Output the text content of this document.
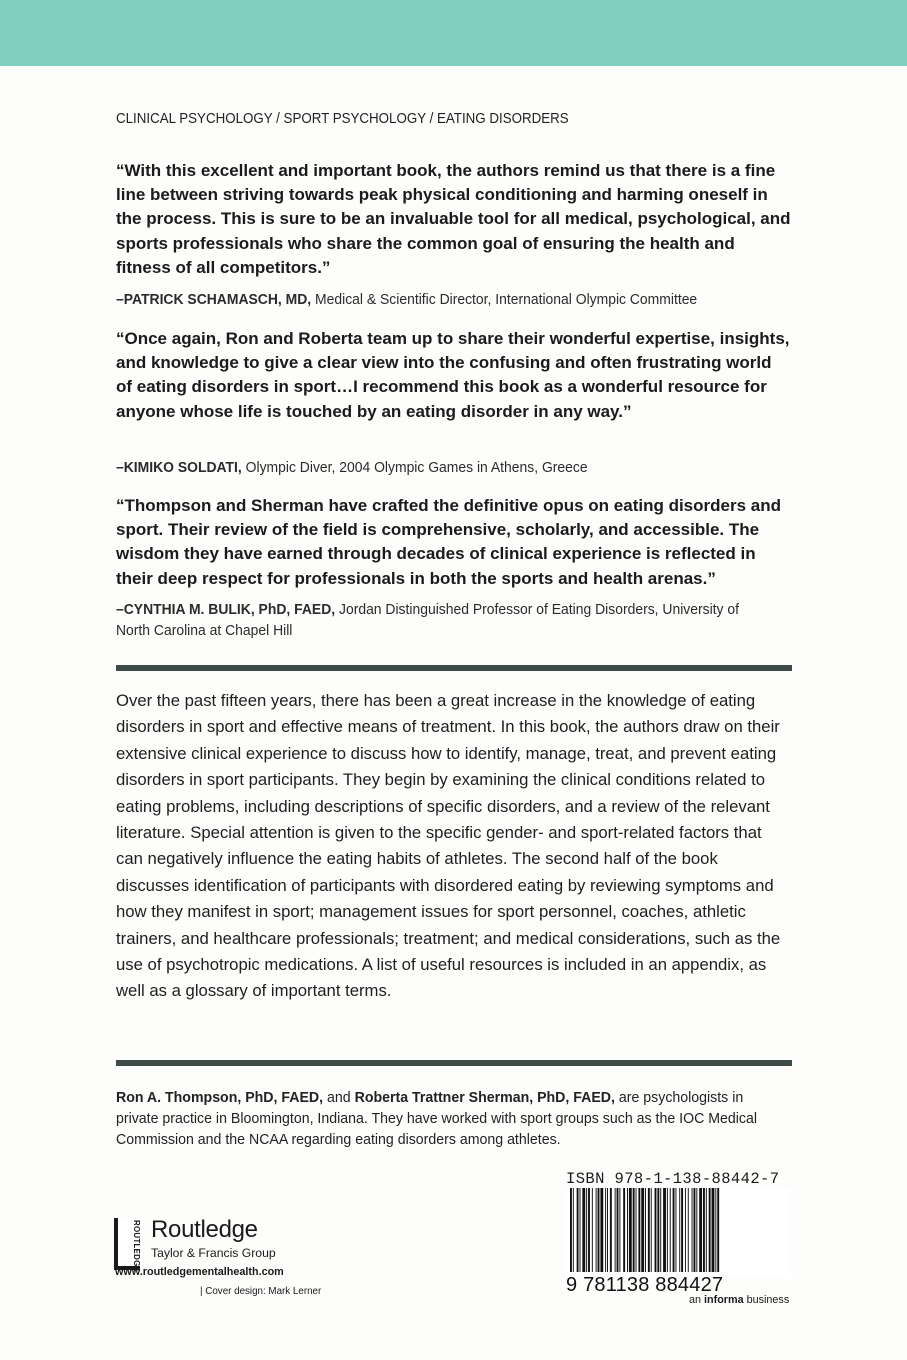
CLINICAL PSYCHOLOGY / SPORT PSYCHOLOGY / EATING DISORDERS

“With this excellent and important book, the authors remind us that there is a fine line between striving towards peak physical conditioning and harming oneself in the process. This is sure to be an invaluable tool for all medical, psychological, and sports professionals who share the common goal of ensuring the health and fitness of all competitors.”

–PATRICK SCHAMASCH, MD, Medical & Scientific Director, International Olympic Committee

“Once again, Ron and Roberta team up to share their wonderful expertise, insights, and knowledge to give a clear view into the confusing and often frustrating world of eating disorders in sport…I recommend this book as a wonderful resource for anyone whose life is touched by an eating disorder in any way.”

–KIMIKO SOLDATI, Olympic Diver, 2004 Olympic Games in Athens, Greece

“Thompson and Sherman have crafted the definitive opus on eating disorders and sport. Their review of the field is comprehensive, scholarly, and accessible. The wisdom they have earned through decades of clinical experience is reflected in their deep respect for professionals in both the sports and health arenas.”

–CYNTHIA M. BULIK, PhD, FAED, Jordan Distinguished Professor of Eating Disorders, University of North Carolina at Chapel Hill
Over the past fifteen years, there has been a great increase in the knowledge of eating disorders in sport and effective means of treatment. In this book, the authors draw on their extensive clinical experience to discuss how to identify, manage, treat, and prevent eating disorders in sport participants. They begin by examining the clinical conditions related to eating problems, including descriptions of specific disorders, and a review of the relevant literature. Special attention is given to the specific gender- and sport-related factors that can negatively influence the eating habits of athletes. The second half of the book discusses identification of participants with disordered eating by reviewing symptoms and how they manifest in sport; management issues for sport personnel, coaches, athletic trainers, and healthcare professionals; treatment; and medical considerations, such as the use of psychotropic medications. A list of useful resources is included in an appendix, as well as a glossary of important terms.
Ron A. Thompson, PhD, FAED, and Roberta Trattner Sherman, PhD, FAED, are psychologists in private practice in Bloomington, Indiana. They have worked with sport groups such as the IOC Medical Commission and the NCAA regarding eating disorders among athletes.
ROUTLEDGE Routledge
Taylor & Francis Group
www.routledgementalhealth.com
| Cover design: Mark Lerner
ISBN 978-1-138-88442-7
9 781138 884427
an informa business
